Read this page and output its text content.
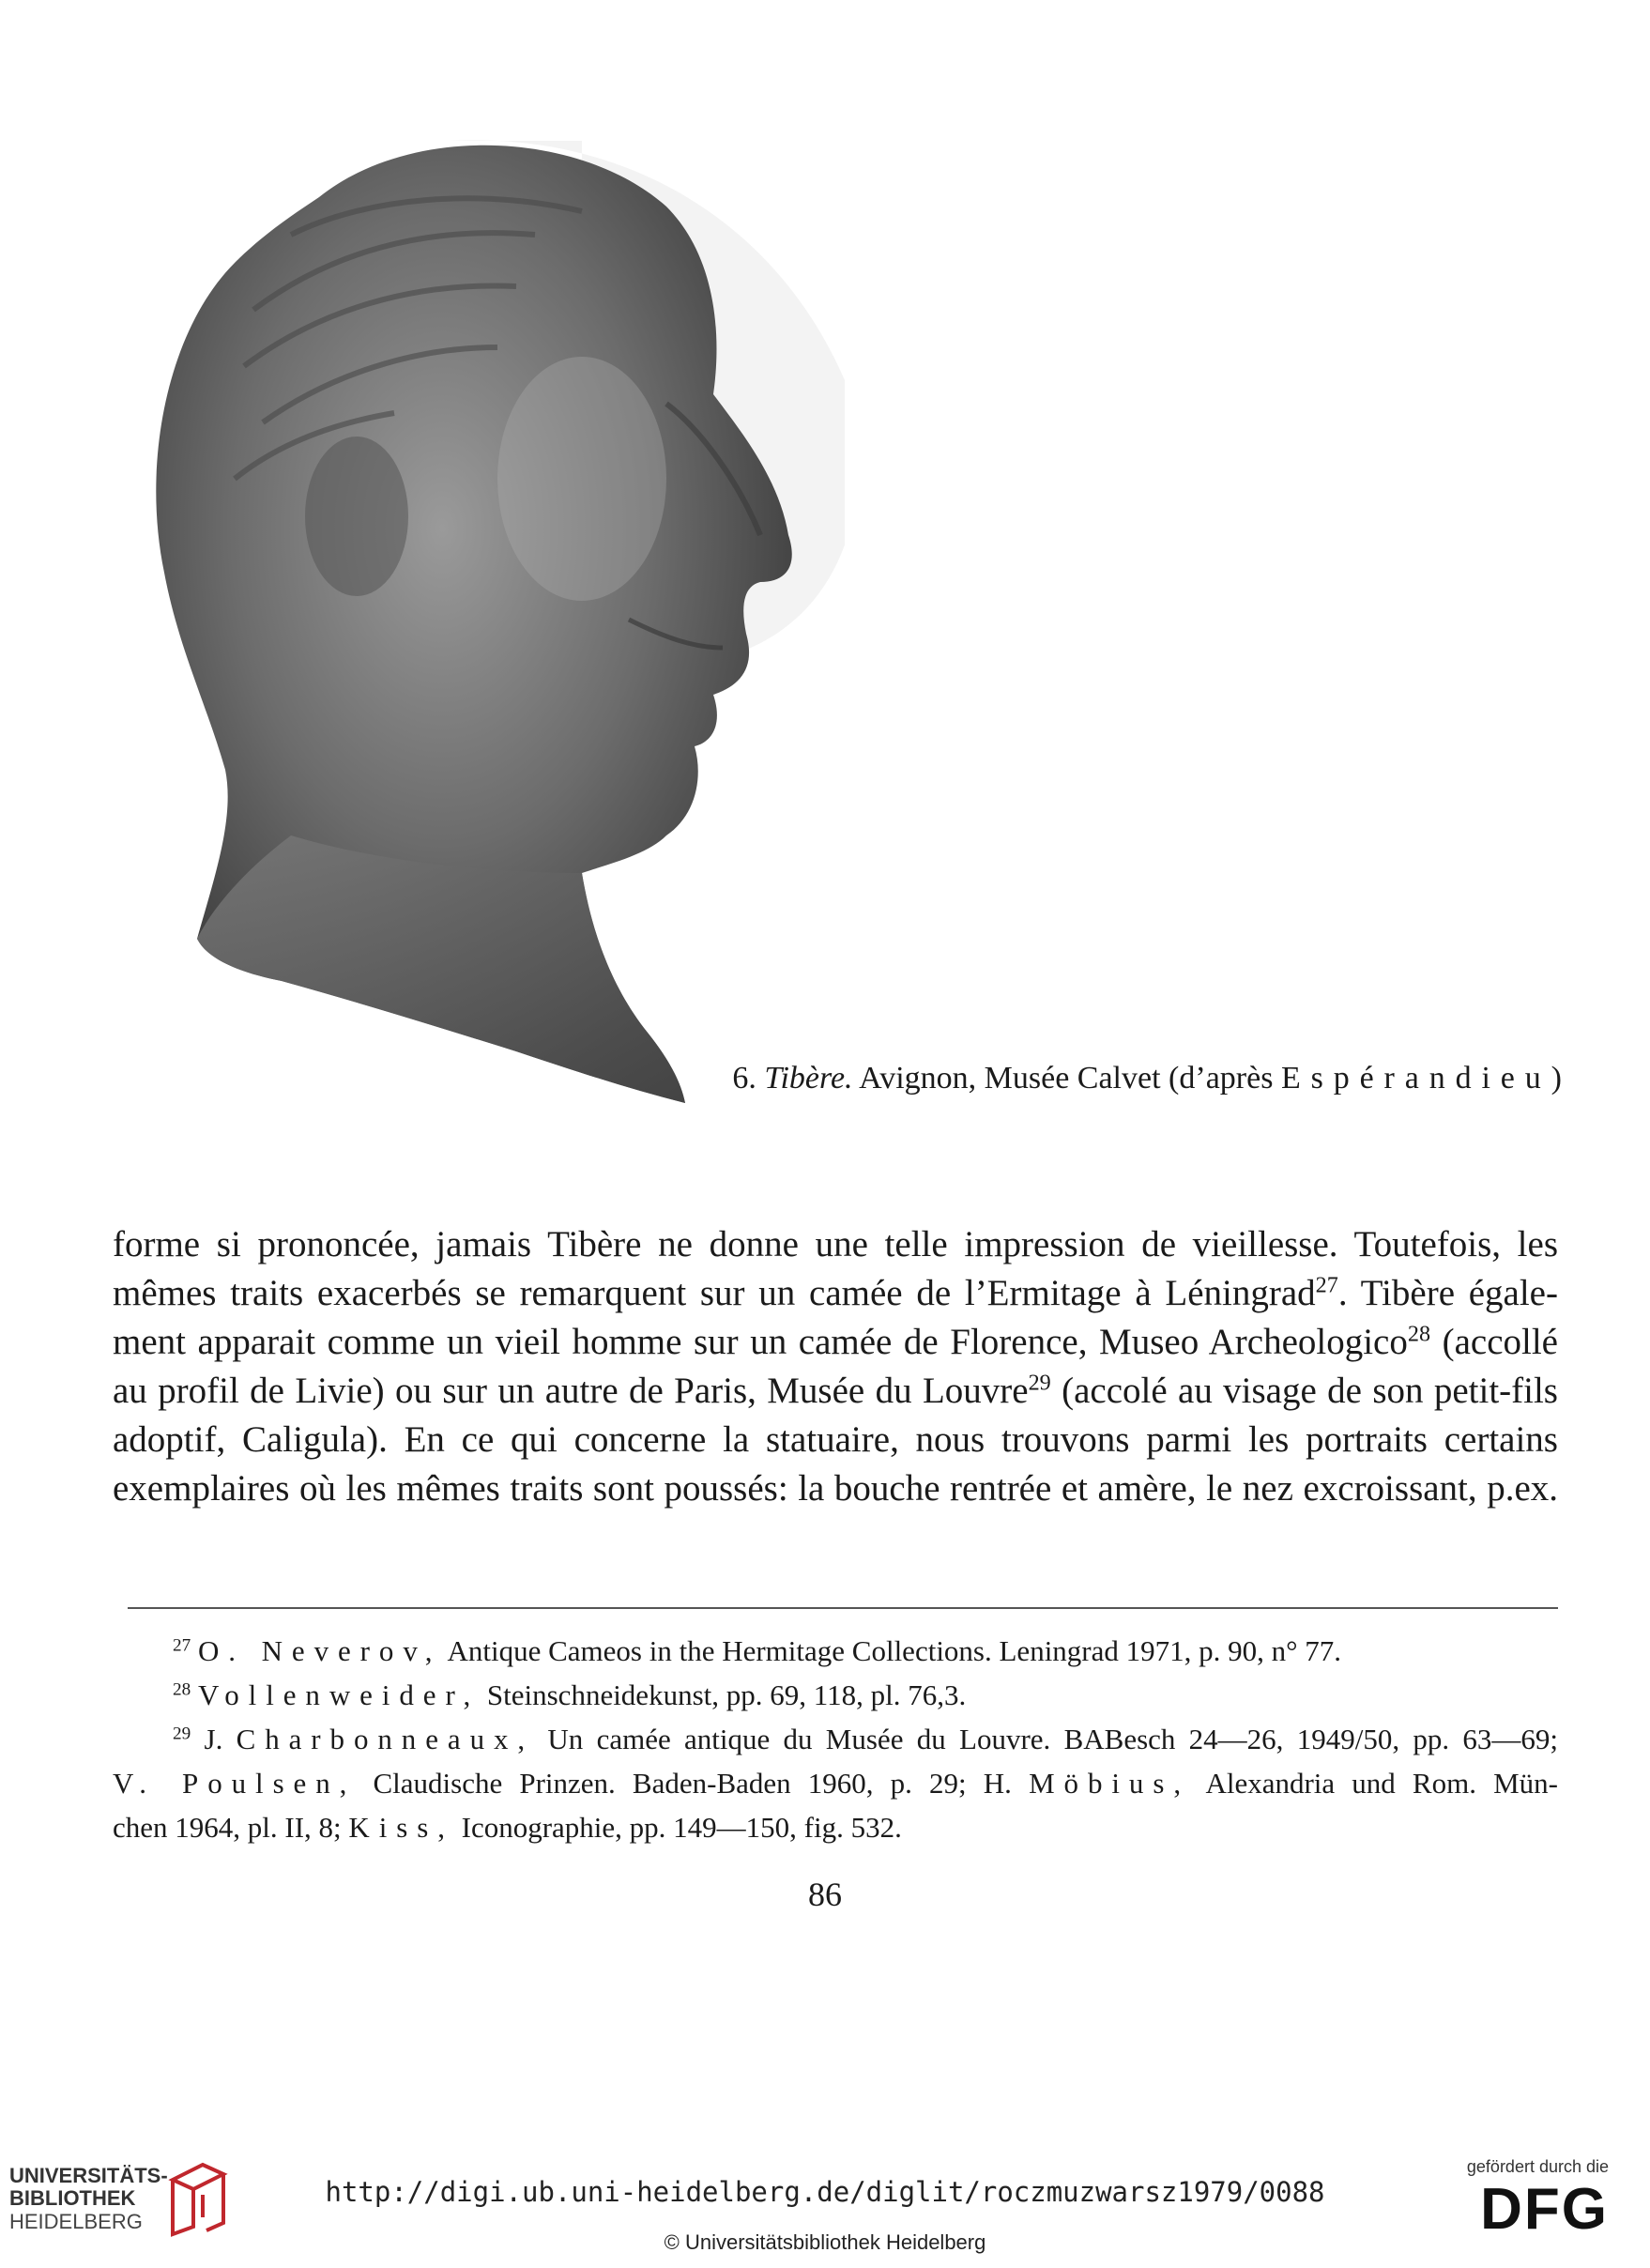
6. Tibère. Avignon, Musée Calvet (d’après Espérandieu)
forme si prononcée, jamais Tibère ne donne une telle impression de vieillesse. Toutefois, les
mêmes traits exacerbés se remarquent sur un camée de l’Ermitage à Léningrad$^{27}$. Tibère égale-
ment apparait comme un vieil homme sur un camée de Florence, Museo Archeologico$^{28}$ (accollé
au profil de Livie) ou sur un autre de Paris, Musée du Louvre$^{29}$ (accolé au visage de son petit-fils
adoptif, Caligula). En ce qui concerne la statuaire, nous trouvons parmi les portraits certains
exemplaires où les mêmes traits sont poussés: la bouche rentrée et amère, le nez excroissant, p.ex.
$^{27}$ O. Neverov, Antique Cameos in the Hermitage Collections. Leningrad 1971, p. 90, n° 77.
$^{28}$ Vollenweider, Steinschneidekunst, pp. 69, 118, pl. 76,3.
$^{29}$ J. Charbonneaux, Un camée antique du Musée du Louvre. BABesch 24—26, 1949/50, pp. 63—69;
V. Poulsen, Claudische Prinzen. Baden-Baden 1960, p. 29; H. Möbius, Alexandria und Rom. Mün-
chen 1964, pl. II, 8; Kiss, Iconographie, pp. 149—150, fig. 532.
86
UNIVERSITÄTS-
BIBLIOTHEK
HEIDELBERG
http://digi.ub.uni-heidelberg.de/diglit/roczmuzwarsz1979/0088
© Universitätsbibliothek Heidelberg
gefördert durch die
DFG
